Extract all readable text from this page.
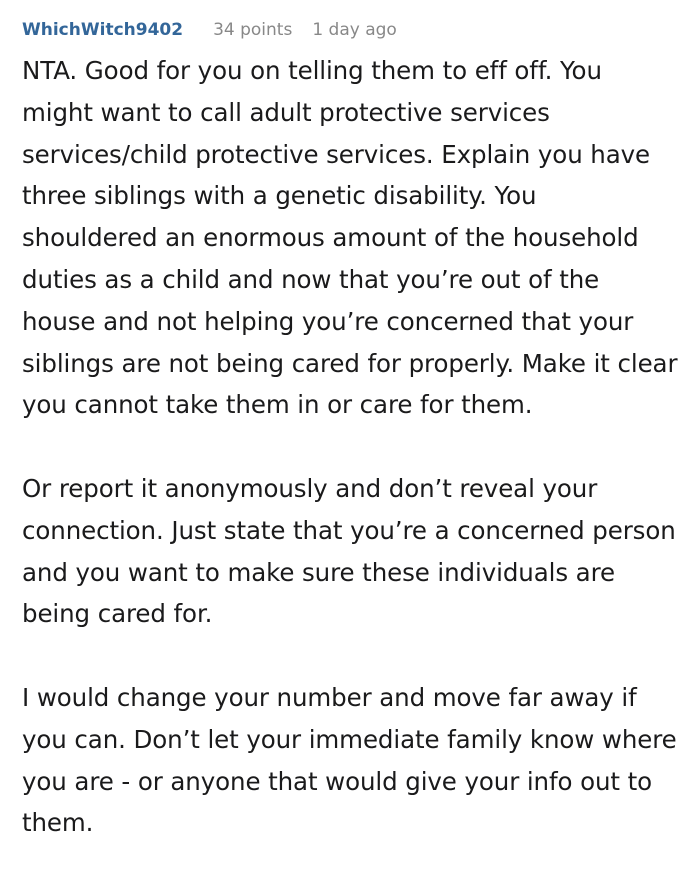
WhichWitch9402 34 points 1 day ago

NTA. Good for you on telling them to eff off. You might want to call adult protective services services/child protective services. Explain you have three siblings with a genetic disability. You shouldered an enormous amount of the household duties as a child and now that you’re out of the house and not helping you’re concerned that your siblings are not being cared for properly. Make it clear you cannot take them in or care for them.

Or report it anonymously and don’t reveal your connection. Just state that you’re a concerned person and you want to make sure these individuals are being cared for.

I would change your number and move far away if you can. Don’t let your immediate family know where you are - or anyone that would give your info out to them.
